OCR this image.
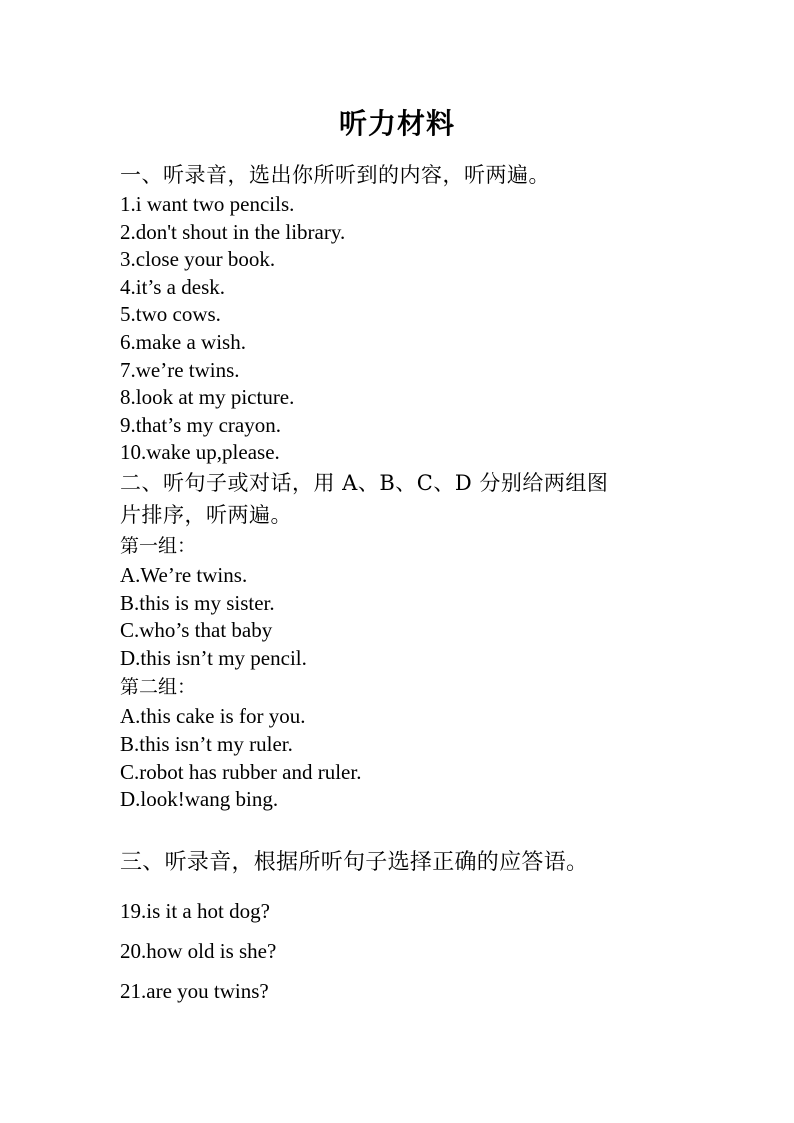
听力材料
一、听录音，选出你所听到的内容，听两遍。
1.i want two pencils.
2.don't shout in the library.
3.close your book.
4.it’s a desk.
5.two cows.
6.make a wish.
7.we’re twins.
8.look at my picture.
9.that’s my crayon.
10.wake up,please.
二、听句子或对话，用 A、B、C、D 分别给两组图
片排序，听两遍。
第一组：
A.We’re twins.
B.this is my sister.
C.who’s that baby
D.this isn’t my pencil.
第二组：
A.this cake is for you.
B.this isn’t my ruler.
C.robot has rubber and ruler.
D.look!wang bing.
三、听录音，根据所听句子选择正确的应答语。
19.is it a hot dog?
20.how old is she?
21.are you twins?
